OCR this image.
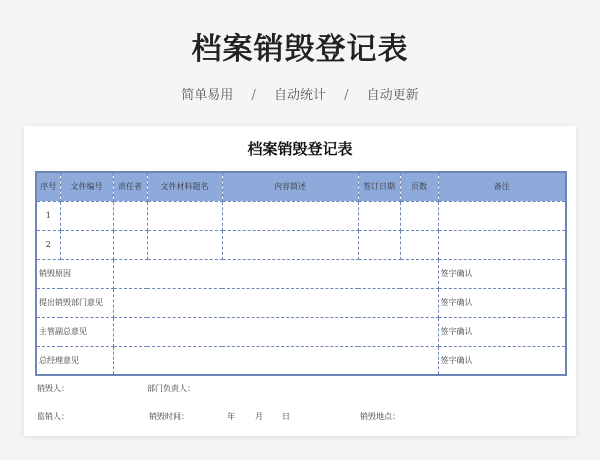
档案销毁登记表
简单易用 / 自动统计 / 自动更新
档案销毁登记表
序号	文件编号	责任者	文件材料题名	内容简述	签订日期	页数	备注
1							
2							
销毁原因							签字确认
提出销毁部门意见							签字确认
主管副总意见							签字确认
总经理意见							签字确认
销毁人：	部门负责人：
监销人：	销毁时间：	年	月 日	销毁地点：
